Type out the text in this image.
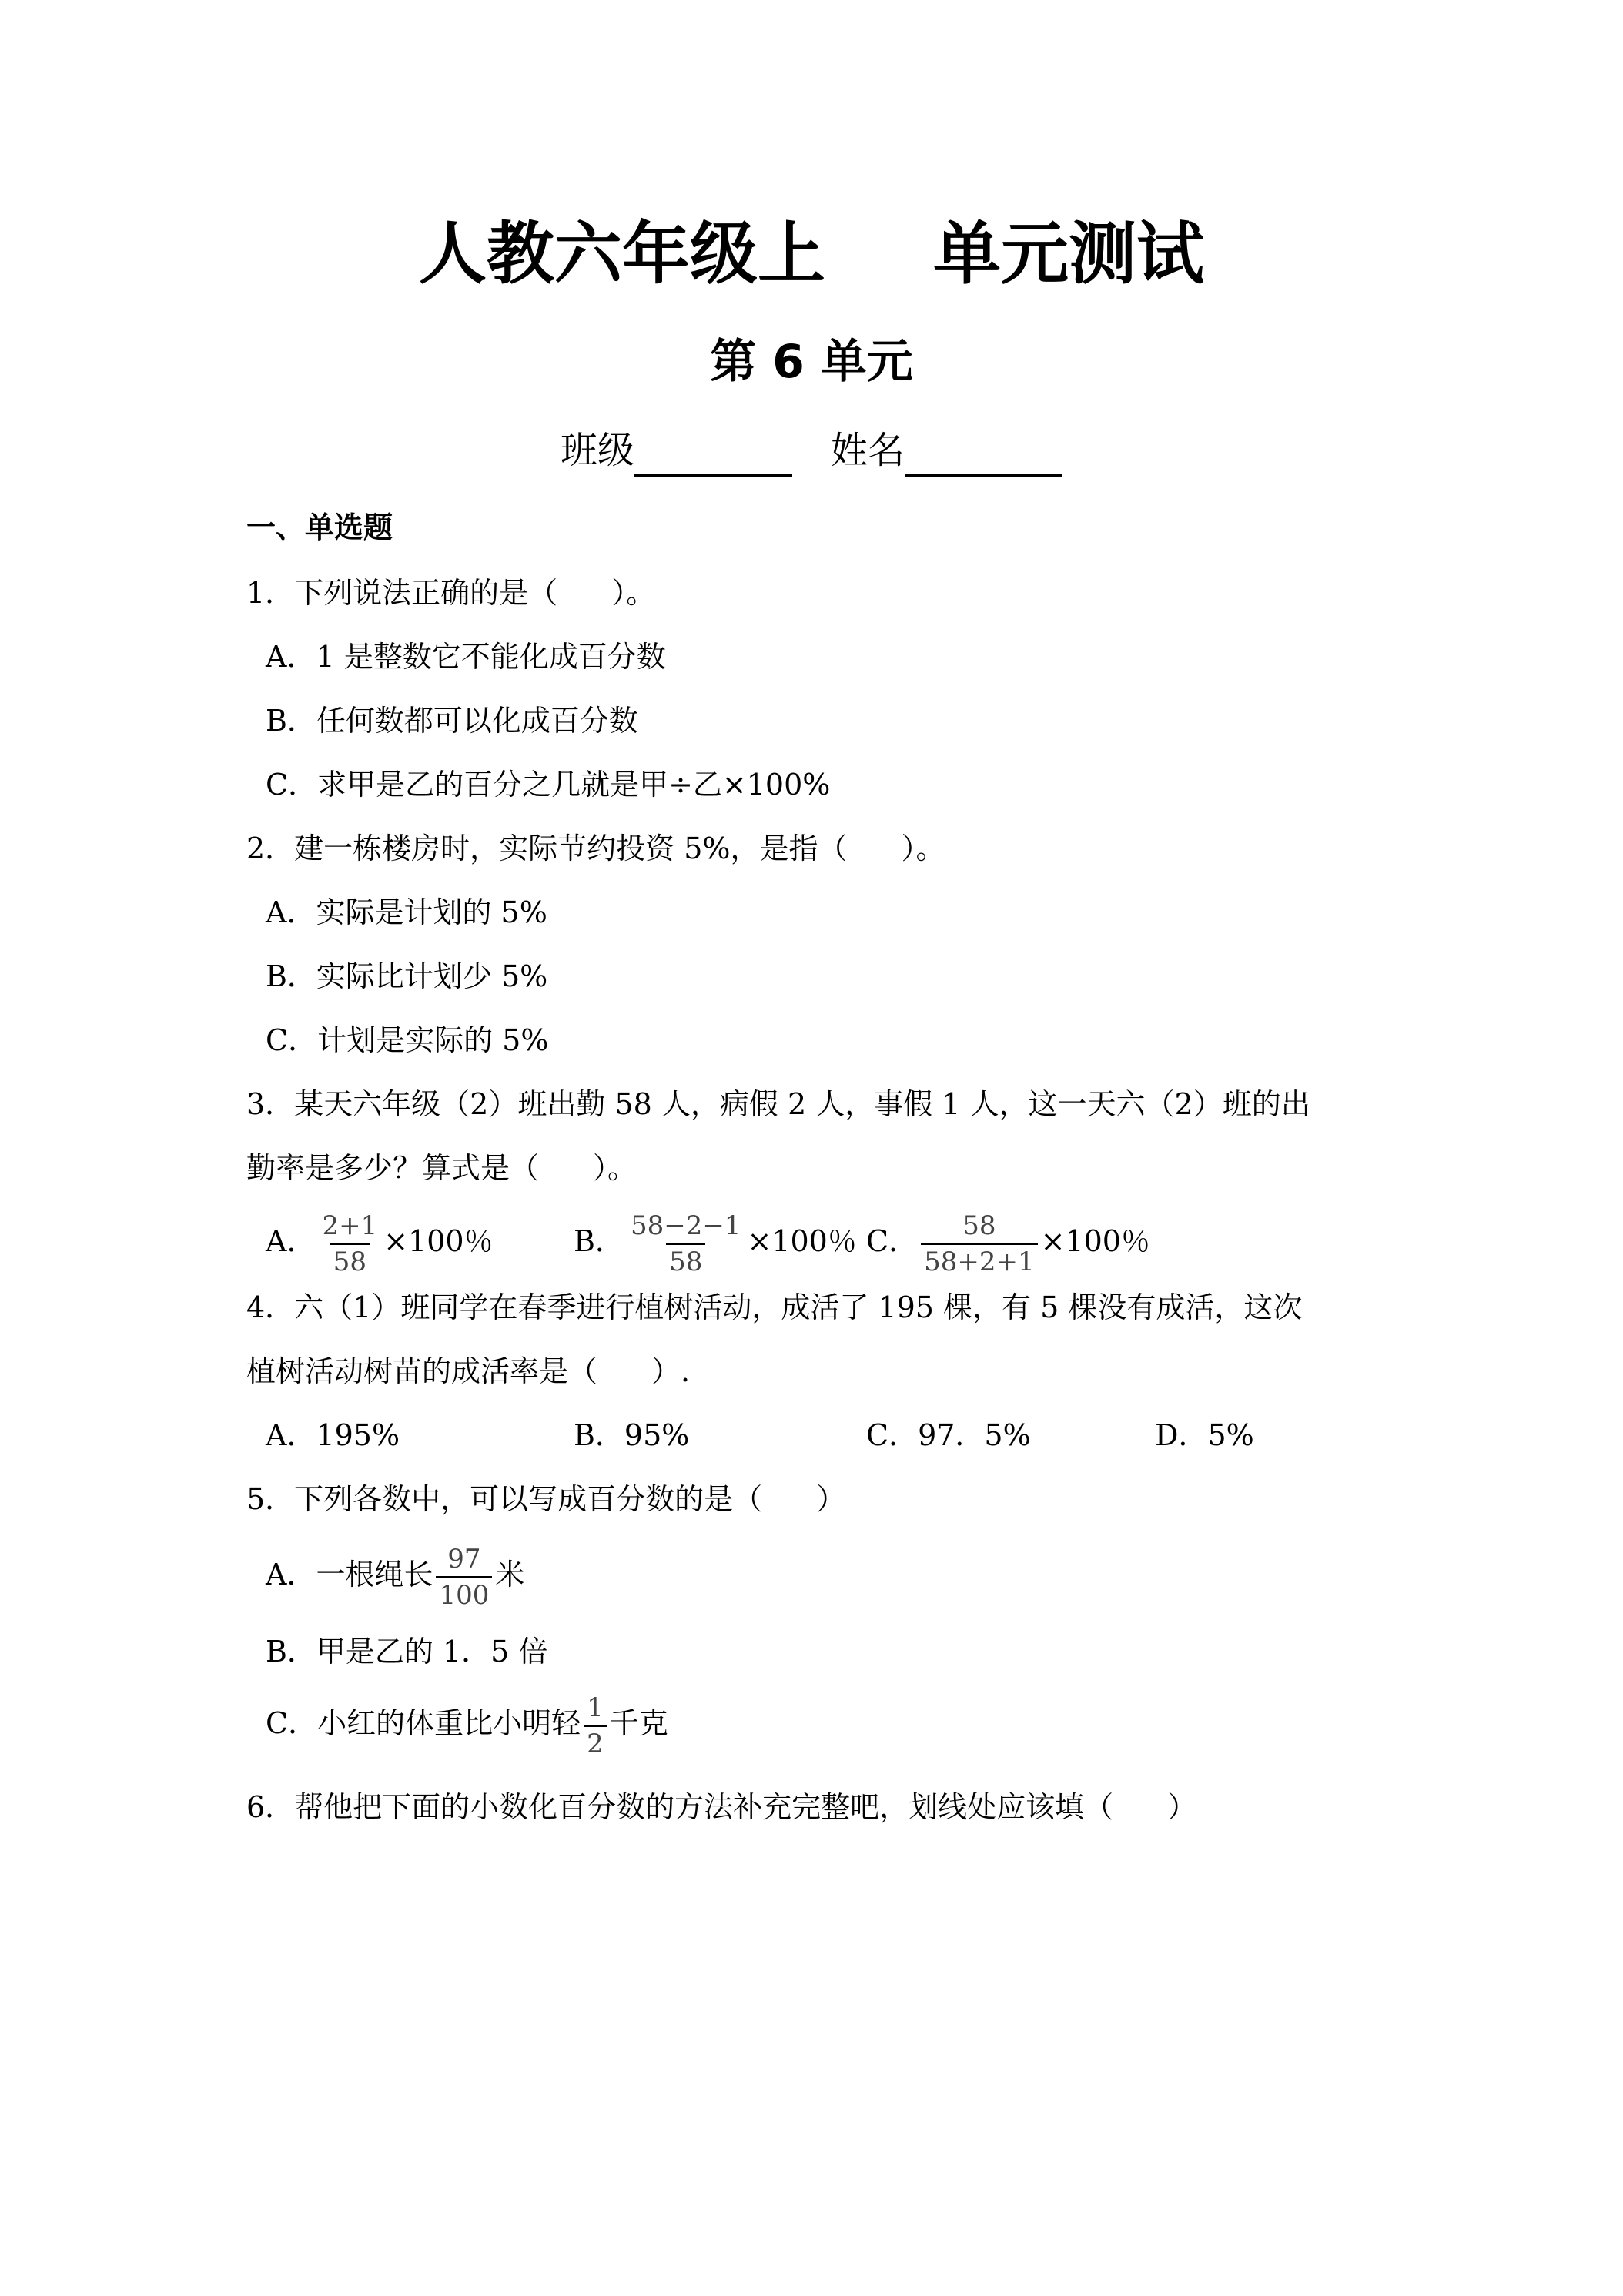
人教六年级上 单元测试
第 6 单元
班级	姓名
一、单选题
1．下列说法正确的是（ ）。
A．1 是整数它不能化成百分数
B．任何数都可以化成百分数
C．求甲是乙的百分之几就是甲÷乙×100%
2．建一栋楼房时，实际节约投资 5%，是指（ ）。
A．实际是计划的 5%
B．实际比计划少 5%
C．计划是实际的 5%
3．某天六年级（2）班出勤 58 人，病假 2 人，事假 1 人，这一天六（2）班的出
勤率是多少？算式是（ ）。
A． $\frac{2+1}{58} \times 100$％	B． $\frac{58-2-1}{58} \times 100$％ C． $\frac{58}{58+2+1} \times 100$％
4．六（1）班同学在春季进行植树活动，成活了 195 棵，有 5 棵没有成活，这次
植树活动树苗的成活率是（ ）.
A．195%	B．95%	C．97．5%	D．5%
5．下列各数中，可以写成百分数的是（ ）
A．一根绳长 $\frac{97}{100}$ 米
B．甲是乙的 1．5 倍
C．小红的体重比小明轻 $\frac{1}{2}$ 千克
6．帮他把下面的小数化百分数的方法补充完整吧，划线处应该填（ ）
